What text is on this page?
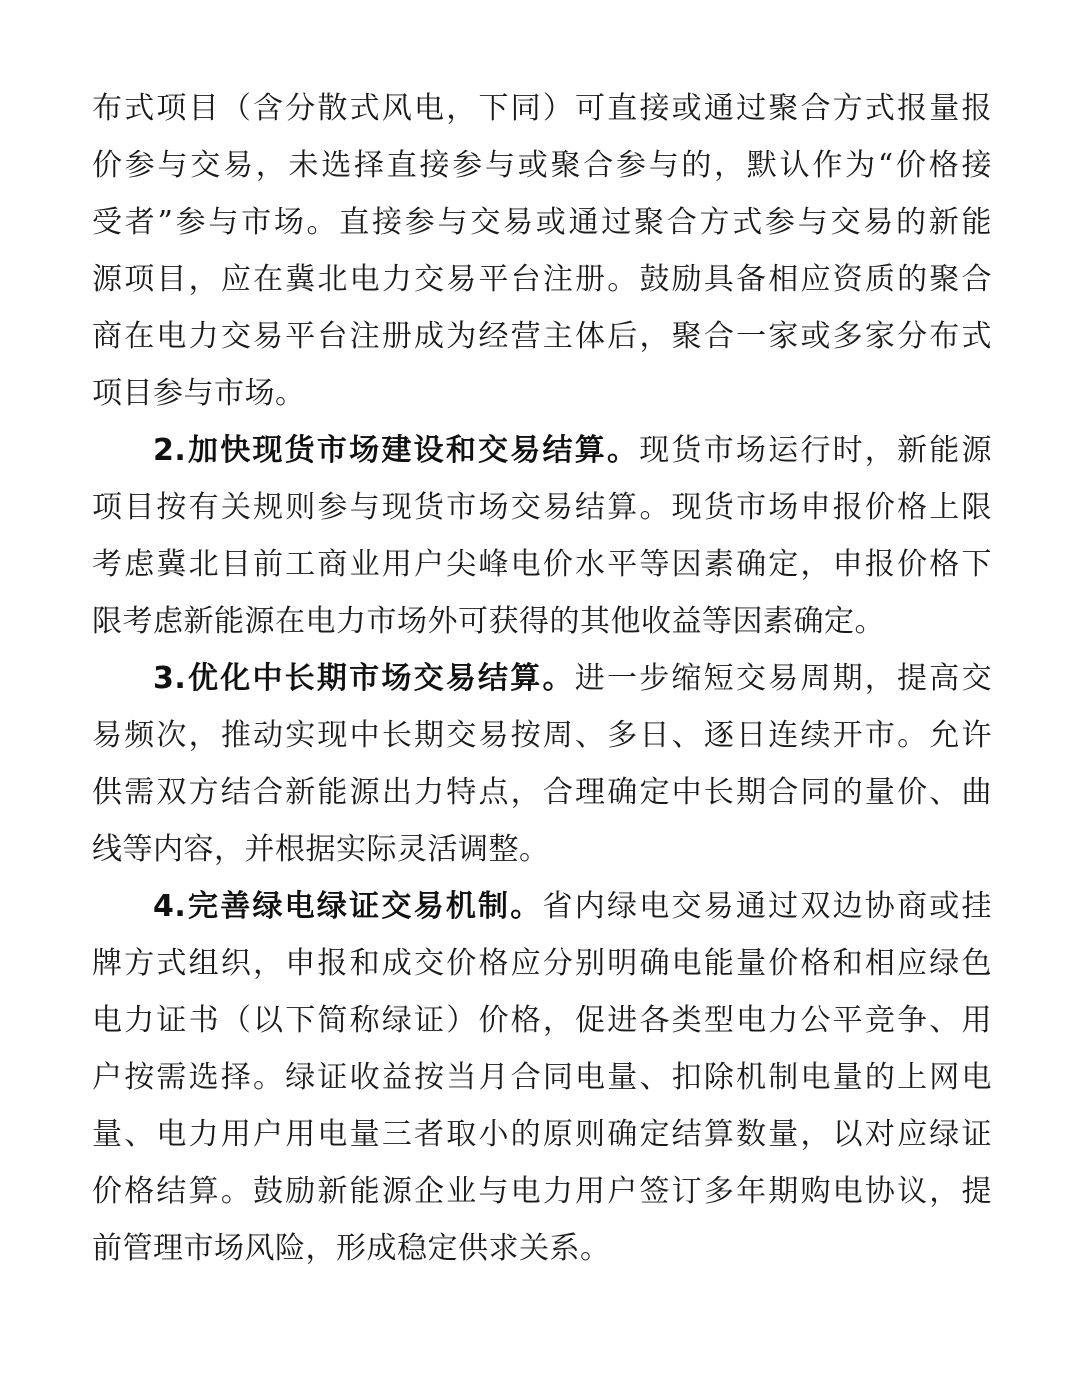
布式项目（含分散式风电，下同）可直接或通过聚合方式报量报
价参与交易，未选择直接参与或聚合参与的，默认作为“价格接
受者”参与市场。直接参与交易或通过聚合方式参与交易的新能
源项目，应在冀北电力交易平台注册。鼓励具备相应资质的聚合
商在电力交易平台注册成为经营主体后，聚合一家或多家分布式
项目参与市场。
2.加快现货市场建设和交易结算。现货市场运行时，新能源
项目按有关规则参与现货市场交易结算。现货市场申报价格上限
考虑冀北目前工商业用户尖峰电价水平等因素确定，申报价格下
限考虑新能源在电力市场外可获得的其他收益等因素确定。
3.优化中长期市场交易结算。进一步缩短交易周期，提高交
易频次，推动实现中长期交易按周、多日、逐日连续开市。允许
供需双方结合新能源出力特点，合理确定中长期合同的量价、曲
线等内容，并根据实际灵活调整。
4.完善绿电绿证交易机制。省内绿电交易通过双边协商或挂
牌方式组织，申报和成交价格应分别明确电能量价格和相应绿色
电力证书（以下简称绿证）价格，促进各类型电力公平竞争、用
户按需选择。绿证收益按当月合同电量、扣除机制电量的上网电
量、电力用户用电量三者取小的原则确定结算数量，以对应绿证
价格结算。鼓励新能源企业与电力用户签订多年期购电协议，提
前管理市场风险，形成稳定供求关系。
